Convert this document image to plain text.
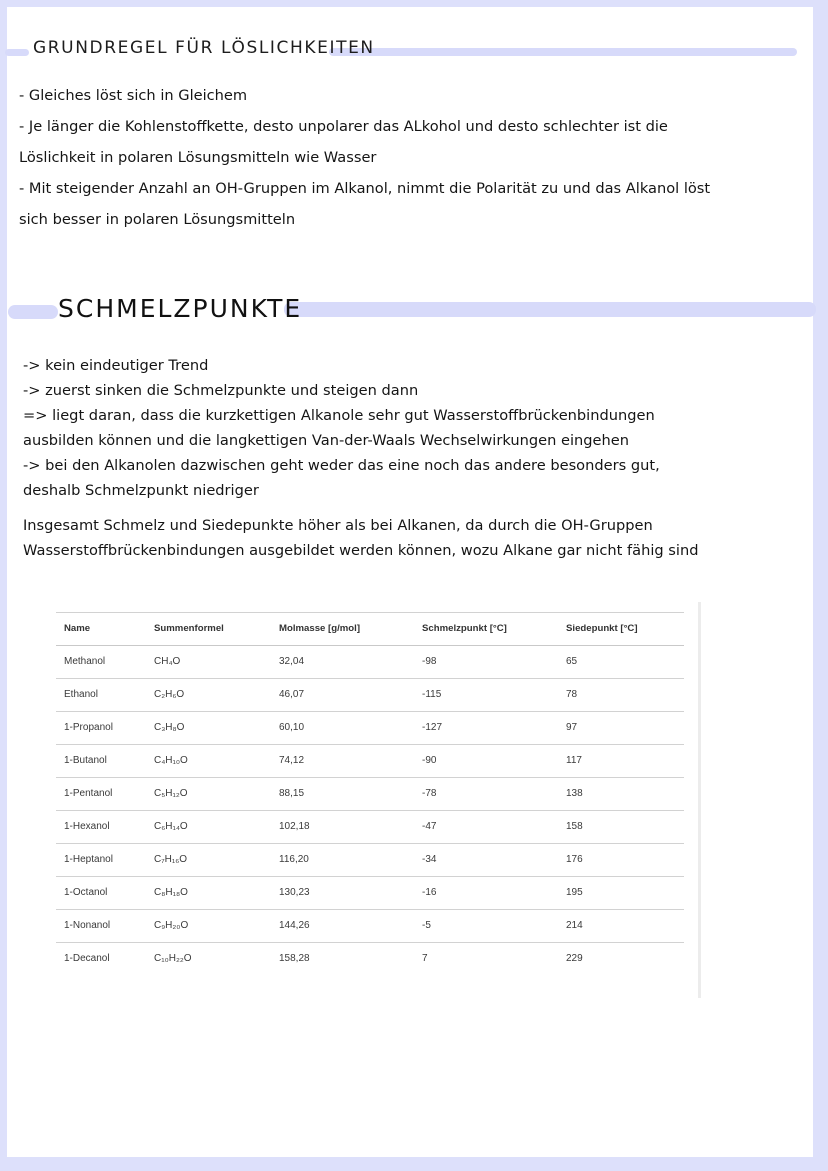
GRUNDREGEL FÜR LÖSLICHKEITEN
- Gleiches löst sich in Gleichem
- Je länger die Kohlenstoffkette, desto unpolarer das ALkohol und desto schlechter ist die
Löslichkeit in polaren Lösungsmitteln wie Wasser
- Mit steigender Anzahl an OH-Gruppen im Alkanol, nimmt die Polarität zu und das Alkanol löst
sich besser in polaren Lösungsmitteln
SCHMELZPUNKTE
-> kein eindeutiger Trend
-> zuerst sinken die Schmelzpunkte und steigen dann
=> liegt daran, dass die kurzkettigen Alkanole sehr gut Wasserstoffbrückenbindungen
ausbilden können und die langkettigen Van-der-Waals Wechselwirkungen eingehen
-> bei den Alkanolen dazwischen geht weder das eine noch das andere besonders gut,
deshalb Schmelzpunkt niedriger
Insgesamt Schmelz und Siedepunkte höher als bei Alkanen, da durch die OH-Gruppen
Wasserstoffbrückenbindungen ausgebildet werden können, wozu Alkane gar nicht fähig sind
Name	Summenformel	Molmasse [g/mol]	Schmelzpunkt [°C]	Siedepunkt [°C]
Methanol	CH₄O	32,04	-98	65
Ethanol	C₂H₆O	46,07	-115	78
1-Propanol	C₃H₈O	60,10	-127	97
1-Butanol	C₄H₁₀O	74,12	-90	117
1-Pentanol	C₅H₁₂O	88,15	-78	138
1-Hexanol	C₆H₁₄O	102,18	-47	158
1-Heptanol	C₇H₁₆O	116,20	-34	176
1-Octanol	C₈H₁₈O	130,23	-16	195
1-Nonanol	C₉H₂₀O	144,26	-5	214
1-Decanol	C₁₀H₂₂O	158,28	7	229
